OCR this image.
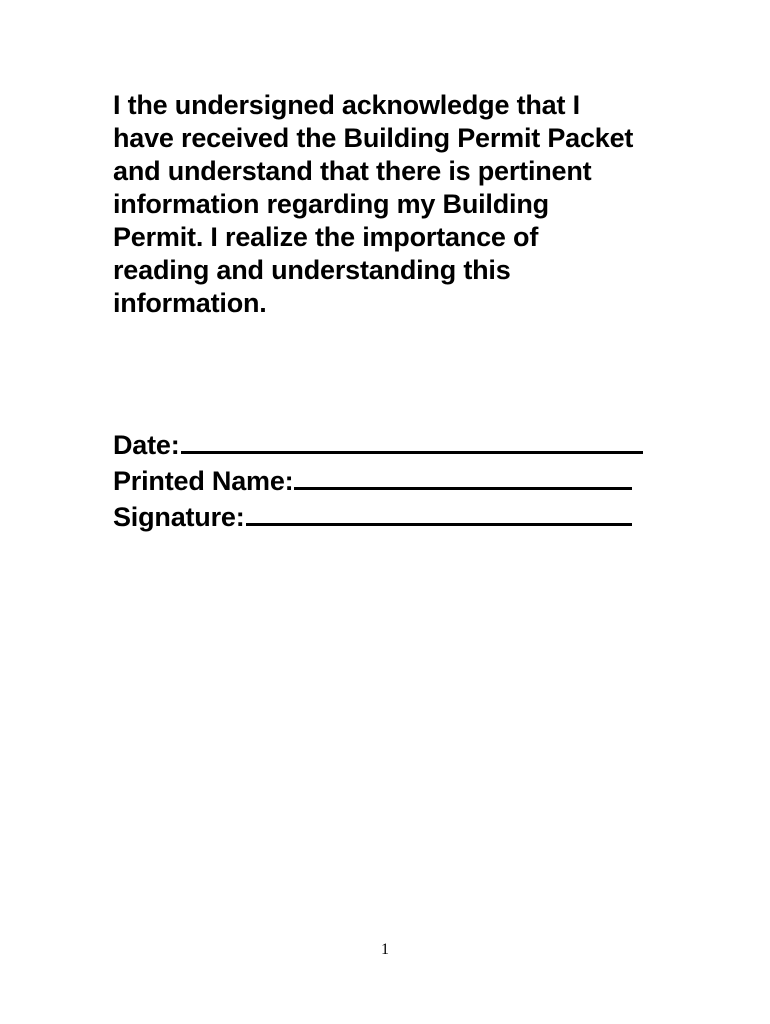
I the undersigned acknowledge that I
have received the Building Permit Packet
and understand that there is pertinent
information regarding my Building
Permit. I realize the importance of
reading and understanding this
information.

Date:
Printed Name:
Signature:
1
